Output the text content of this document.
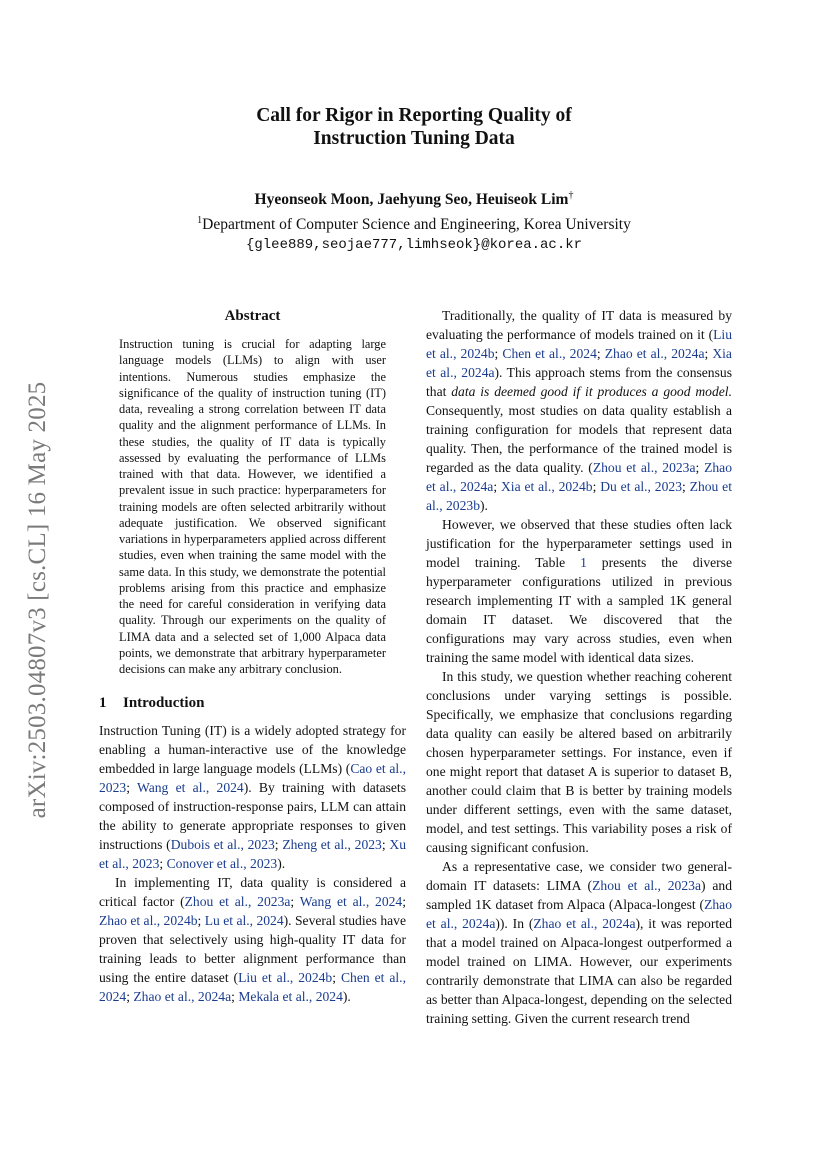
arXiv:2503.04807v3 [cs.CL] 16 May 2025
Call for Rigor in Reporting Quality of
Instruction Tuning Data
Hyeonseok Moon, Jaehyung Seo, Heuiseok Lim†
$^1$Department of Computer Science and Engineering, Korea University
{glee889,seojae777,limhseok}@korea.ac.kr
Abstract

Instruction tuning is crucial for adapting large language models (LLMs) to align with user intentions. Numerous studies emphasize the significance of the quality of instruction tuning (IT) data, revealing a strong correlation between IT data quality and the alignment performance of LLMs. In these studies, the quality of IT data is typically assessed by evaluating the performance of LLMs trained with that data. However, we identified a prevalent issue in such practice: hyperparameters for training models are often selected arbitrarily without adequate justification. We observed significant variations in hyperparameters applied across different studies, even when training the same model with the same data. In this study, we demonstrate the potential problems arising from this practice and emphasize the need for careful consideration in verifying data quality. Through our experiments on the quality of LIMA data and a selected set of 1,000 Alpaca data points, we demonstrate that arbitrary hyperparameter decisions can make any arbitrary conclusion.

1 Introduction

Instruction Tuning (IT) is a widely adopted strategy for enabling a human-interactive use of the knowledge embedded in large language models (LLMs) (Cao et al., 2023; Wang et al., 2024). By training with datasets composed of instruction-response pairs, LLM can attain the ability to generate appropriate responses to given instructions (Dubois et al., 2023; Zheng et al., 2023; Xu et al., 2023; Conover et al., 2023).

In implementing IT, data quality is considered a critical factor (Zhou et al., 2023a; Wang et al., 2024; Zhao et al., 2024b; Lu et al., 2024). Several studies have proven that selectively using high-quality IT data for training leads to better alignment performance than using the entire dataset (Liu et al., 2024b; Chen et al., 2024; Zhao et al., 2024a; Mekala et al., 2024).

Traditionally, the quality of IT data is measured by evaluating the performance of models trained on it (Liu et al., 2024b; Chen et al., 2024; Zhao et al., 2024a; Xia et al., 2024a). This approach stems from the consensus that data is deemed good if it produces a good model. Consequently, most studies on data quality establish a training configuration for models that represent data quality. Then, the performance of the trained model is regarded as the data quality. (Zhou et al., 2023a; Zhao et al., 2024a; Xia et al., 2024b; Du et al., 2023; Zhou et al., 2023b).

However, we observed that these studies often lack justification for the hyperparameter settings used in model training. Table 1 presents the diverse hyperparameter configurations utilized in previous research implementing IT with a sampled 1K general domain IT dataset. We discovered that the configurations may vary across studies, even when training the same model with identical data sizes.

In this study, we question whether reaching coherent conclusions under varying settings is possible. Specifically, we emphasize that conclusions regarding data quality can easily be altered based on arbitrarily chosen hyperparameter settings. For instance, even if one might report that dataset A is superior to dataset B, another could claim that B is better by training models under different settings, even with the same dataset, model, and test settings. This variability poses a risk of causing significant confusion.

As a representative case, we consider two general-domain IT datasets: LIMA (Zhou et al., 2023a) and sampled 1K dataset from Alpaca (Alpaca-longest (Zhao et al., 2024a)). In (Zhao et al., 2024a), it was reported that a model trained on Alpaca-longest outperformed a model trained on LIMA. However, our experiments contrarily demonstrate that LIMA can also be regarded as better than Alpaca-longest, depending on the selected training setting. Given the current research trend
